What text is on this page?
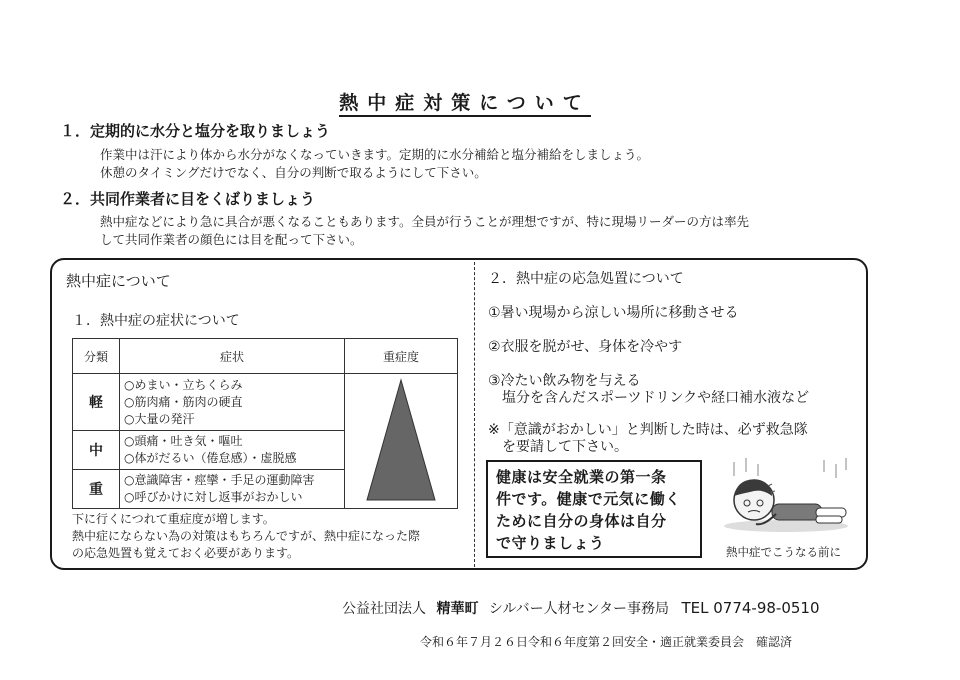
熱中症対策について
１．定期的に水分と塩分を取りましょう
作業中は汗により体から水分がなくなっていきます。定期的に水分補給と塩分補給をしましょう。
休憩のタイミングだけでなく、自分の判断で取るようにして下さい。
２．共同作業者に目をくばりましょう
熱中症などにより急に具合が悪くなることもあります。全員が行うことが理想ですが、特に現場リーダーの方は率先
して共同作業者の顔色には目を配って下さい。
熱中症について
１．熱中症の症状について
分類	症状	重症度
軽	○めまい・立ちくらみ
○筋肉痛・筋肉の硬直
○大量の発汗

中	○頭痛・吐き気・嘔吐
○体がだるい（倦怠感）・虚脱感	

重	○意識障害・痙攣・手足の運動障害
○呼びかけに対し返事がおかしい	
下に行くにつれて重症度が増します。
熱中症にならない為の対策はもちろんですが、熱中症になった際
の応急処置も覚えておく必要があります。
２．熱中症の応急処置について
①暑い現場から涼しい場所に移動させる
②衣服を脱がせ、身体を冷やす
③冷たい飲み物を与える
　塩分を含んだスポーツドリンクや経口補水液など
※「意識がおかしい」と判断した時は、必ず救急隊
　を要請して下さい。
健康は安全就業の第一条
件です。健康で元気に働く
ために自分の身体は自分
で守りましょう	熱中症でこうなる前に
公益社団法人 精華町 シルバー人材センター事務局 TEL 0774-98-0510
令和６年７月２６日令和６年度第２回安全・適正就業委員会　確認済
